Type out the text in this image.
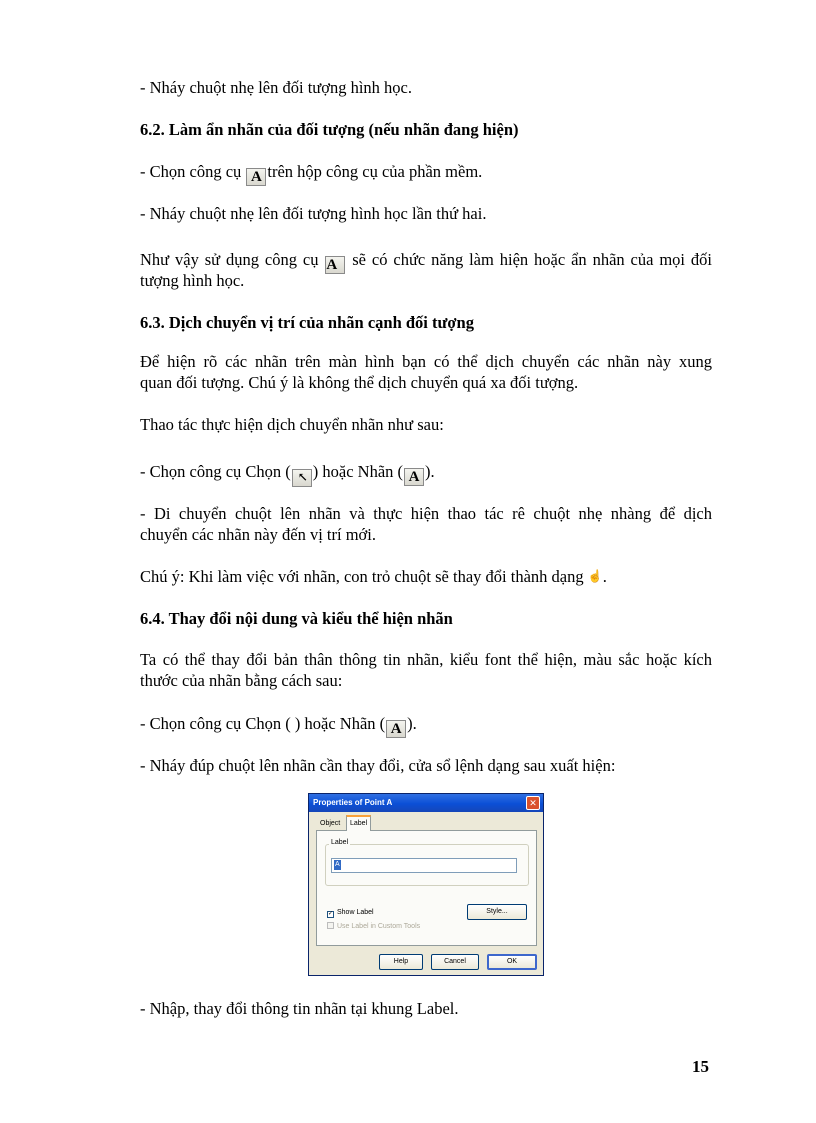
- Nháy chuột nhẹ lên đối tượng hình học.

6.2. Làm ẩn nhãn của đối tượng (nếu nhãn đang hiện)

- Chọn công cụ A trên hộp công cụ của phần mềm.

- Nháy chuột nhẹ lên đối tượng hình học lần thứ hai.

Như vậy sử dụng công cụ A sẽ có chức năng làm hiện hoặc ẩn nhãn của mọi đối

tượng hình học.

6.3. Dịch chuyển vị trí của nhãn cạnh đối tượng

Để hiện rõ các nhãn trên màn hình bạn có thể dịch chuyển các nhãn này xung

quan đối tượng. Chú ý là không thể dịch chuyển quá xa đối tượng.

Thao tác thực hiện dịch chuyển nhãn như sau:

- Chọn công cụ Chọn ( ↖ ) hoặc Nhãn ( A ).

- Di chuyển chuột lên nhãn và thực hiện thao tác rê chuột nhẹ nhàng để dịch

chuyển các nhãn này đến vị trí mới.

Chú ý: Khi làm việc với nhãn, con trỏ chuột sẽ thay đổi thành dạng ☝.

6.4. Thay đổi nội dung và kiểu thể hiện nhãn

Ta có thể thay đổi bản thân thông tin nhãn, kiểu font thể hiện, màu sắc hoặc kích

thước của nhãn bằng cách sau:

- Chọn công cụ Chọn ( ) hoặc Nhãn ( A ).

- Nháy đúp chuột lên nhãn cần thay đổi, cửa sổ lệnh dạng sau xuất hiện:

Properties of Point A	✕
Object	Label
Label
A
✓ Show Label
Use Label in Custom Tools
Style...
Help	Cancel	OK

- Nhập, thay đổi thông tin nhãn tại khung Label.

15
